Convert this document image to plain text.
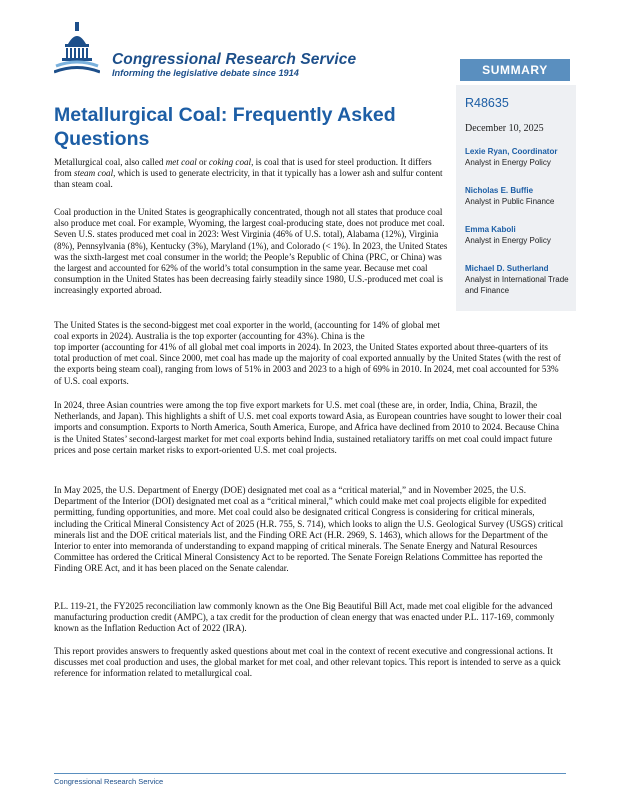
Congressional Research Service
Informing the legislative debate since 1914	SUMMARY
R48635
December 10, 2025
Lexie Ryan, Coordinator
Analyst in Energy Policy
Nicholas E. Buffie
Analyst in Public Finance
Emma Kaboli
Analyst in Energy Policy
Michael D. Sutherland
Analyst in International Trade and Finance
Metallurgical Coal: Frequently Asked Questions
Metallurgical coal, also called met coal or coking coal, is coal that is used for steel production. It differs from steam coal, which is used to generate electricity, in that it typically has a lower ash and sulfur content than steam coal.
Coal production in the United States is geographically concentrated, though not all states that produce coal also produce met coal. For example, Wyoming, the largest coal-producing state, does not produce met coal. Seven U.S. states produced met coal in 2023: West Virginia (46% of U.S. total), Alabama (12%), Virginia (8%), Pennsylvania (8%), Kentucky (3%), Maryland (1%), and Colorado (< 1%). In 2023, the United States was the sixth-largest met coal consumer in the world; the People’s Republic of China (PRC, or China) was the largest and accounted for 62% of the world’s total consumption in the same year. Because met coal consumption in the United States has been decreasing fairly steadily since 1980, U.S.-produced met coal is increasingly exported abroad.
The United States is the second-biggest met coal exporter in the world, (accounting for 14% of global met coal exports in 2024). Australia is the top exporter (accounting for 43%). China is the
top importer (accounting for 41% of all global met coal imports in 2024). In 2023, the United States exported about three-quarters of its total production of met coal. Since 2000, met coal has made up the majority of coal exported annually by the United States (with the rest of the exports being steam coal), ranging from lows of 51% in 2003 and 2023 to a high of 69% in 2010. In 2024, met coal accounted for 53% of U.S. coal exports.
In 2024, three Asian countries were among the top five export markets for U.S. met coal (these are, in order, India, China, Brazil, the Netherlands, and Japan). This highlights a shift of U.S. met coal exports toward Asia, as European countries have sought to lower their coal imports and consumption. Exports to North America, South America, Europe, and Africa have declined from 2010 to 2024. Because China is the United States’ second-largest market for met coal exports behind India, sustained retaliatory tariffs on met coal could impact future prices and pose certain market risks to export-oriented U.S. met coal projects.
In May 2025, the U.S. Department of Energy (DOE) designated met coal as a “critical material,” and in November 2025, the U.S. Department of the Interior (DOI) designated met coal as a “critical mineral,” which could make met coal projects eligible for expedited permitting, funding opportunities, and more. Met coal could also be designated critical Congress is considering for critical minerals, including the Critical Mineral Consistency Act of 2025 (H.R. 755, S. 714), which looks to align the U.S. Geological Survey (USGS) critical minerals list and the DOE critical materials list, and the Finding ORE Act (H.R. 2969, S. 1463), which allows for the Department of the Interior to enter into memoranda of understanding to expand mapping of critical minerals. The Senate Energy and Natural Resources Committee has ordered the Critical Mineral Consistency Act to be reported. The Senate Foreign Relations Committee has reported the Finding ORE Act, and it has been placed on the Senate calendar.
P.L. 119-21, the FY2025 reconciliation law commonly known as the One Big Beautiful Bill Act, made met coal eligible for the advanced manufacturing production credit (AMPC), a tax credit for the production of clean energy that was enacted under P.L. 117-169, commonly known as the Inflation Reduction Act of 2022 (IRA).
This report provides answers to frequently asked questions about met coal in the context of recent executive and congressional actions. It discusses met coal production and uses, the global market for met coal, and other relevant topics. This report is intended to serve as a quick reference for information related to metallurgical coal.
Congressional Research Service
